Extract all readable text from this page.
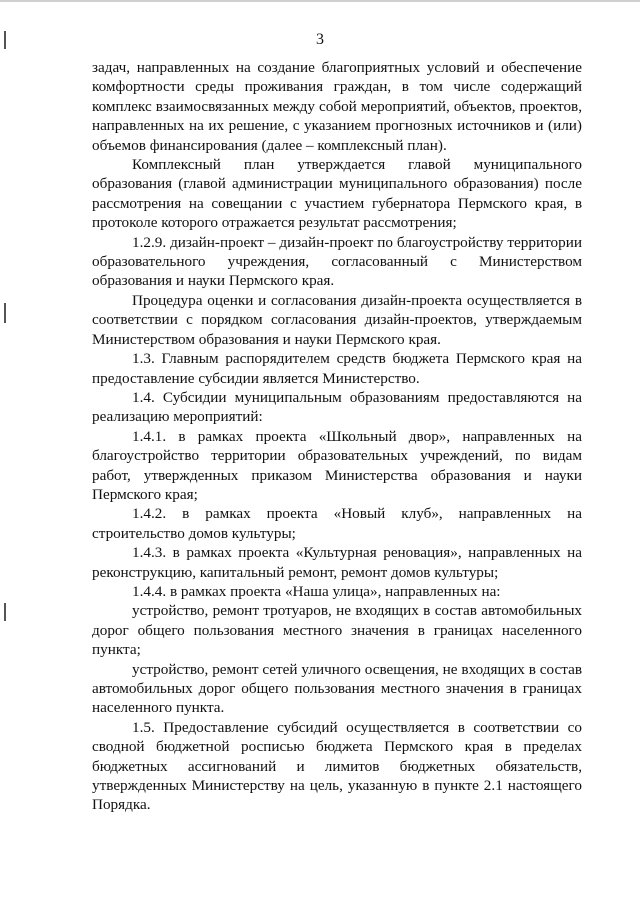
3

задач, направленных на создание благоприятных условий и обеспечение комфортности среды проживания граждан, в том числе содержащий комплекс взаимосвязанных между собой мероприятий, объектов, проектов, направленных на их решение, с указанием прогнозных источников и (или) объемов финансирования (далее – комплексный план).

Комплексный план утверждается главой муниципального образования (главой администрации муниципального образования) после рассмотрения на совещании с участием губернатора Пермского края, в протоколе которого отражается результат рассмотрения;

1.2.9. дизайн-проект – дизайн-проект по благоустройству территории образовательного учреждения, согласованный с Министерством образования и науки Пермского края.

Процедура оценки и согласования дизайн-проекта осуществляется в соответствии с порядком согласования дизайн-проектов, утверждаемым Министерством образования и науки Пермского края.

1.3. Главным распорядителем средств бюджета Пермского края на предоставление субсидии является Министерство.

1.4. Субсидии муниципальным образованиям предоставляются на реализацию мероприятий:

1.4.1. в рамках проекта «Школьный двор», направленных на благоустройство территории образовательных учреждений, по видам работ, утвержденных приказом Министерства образования и науки Пермского края;

1.4.2. в рамках проекта «Новый клуб», направленных на строительство домов культуры;

1.4.3. в рамках проекта «Культурная реновация», направленных на реконструкцию, капитальный ремонт, ремонт домов культуры;

1.4.4. в рамках проекта «Наша улица», направленных на:

устройство, ремонт тротуаров, не входящих в состав автомобильных дорог общего пользования местного значения в границах населенного пункта;

устройство, ремонт сетей уличного освещения, не входящих в состав автомобильных дорог общего пользования местного значения в границах населенного пункта.

1.5. Предоставление субсидий осуществляется в соответствии со сводной бюджетной росписью бюджета Пермского края в пределах бюджетных ассигнований и лимитов бюджетных обязательств, утвержденных Министерству на цель, указанную в пункте 2.1 настоящего Порядка.
